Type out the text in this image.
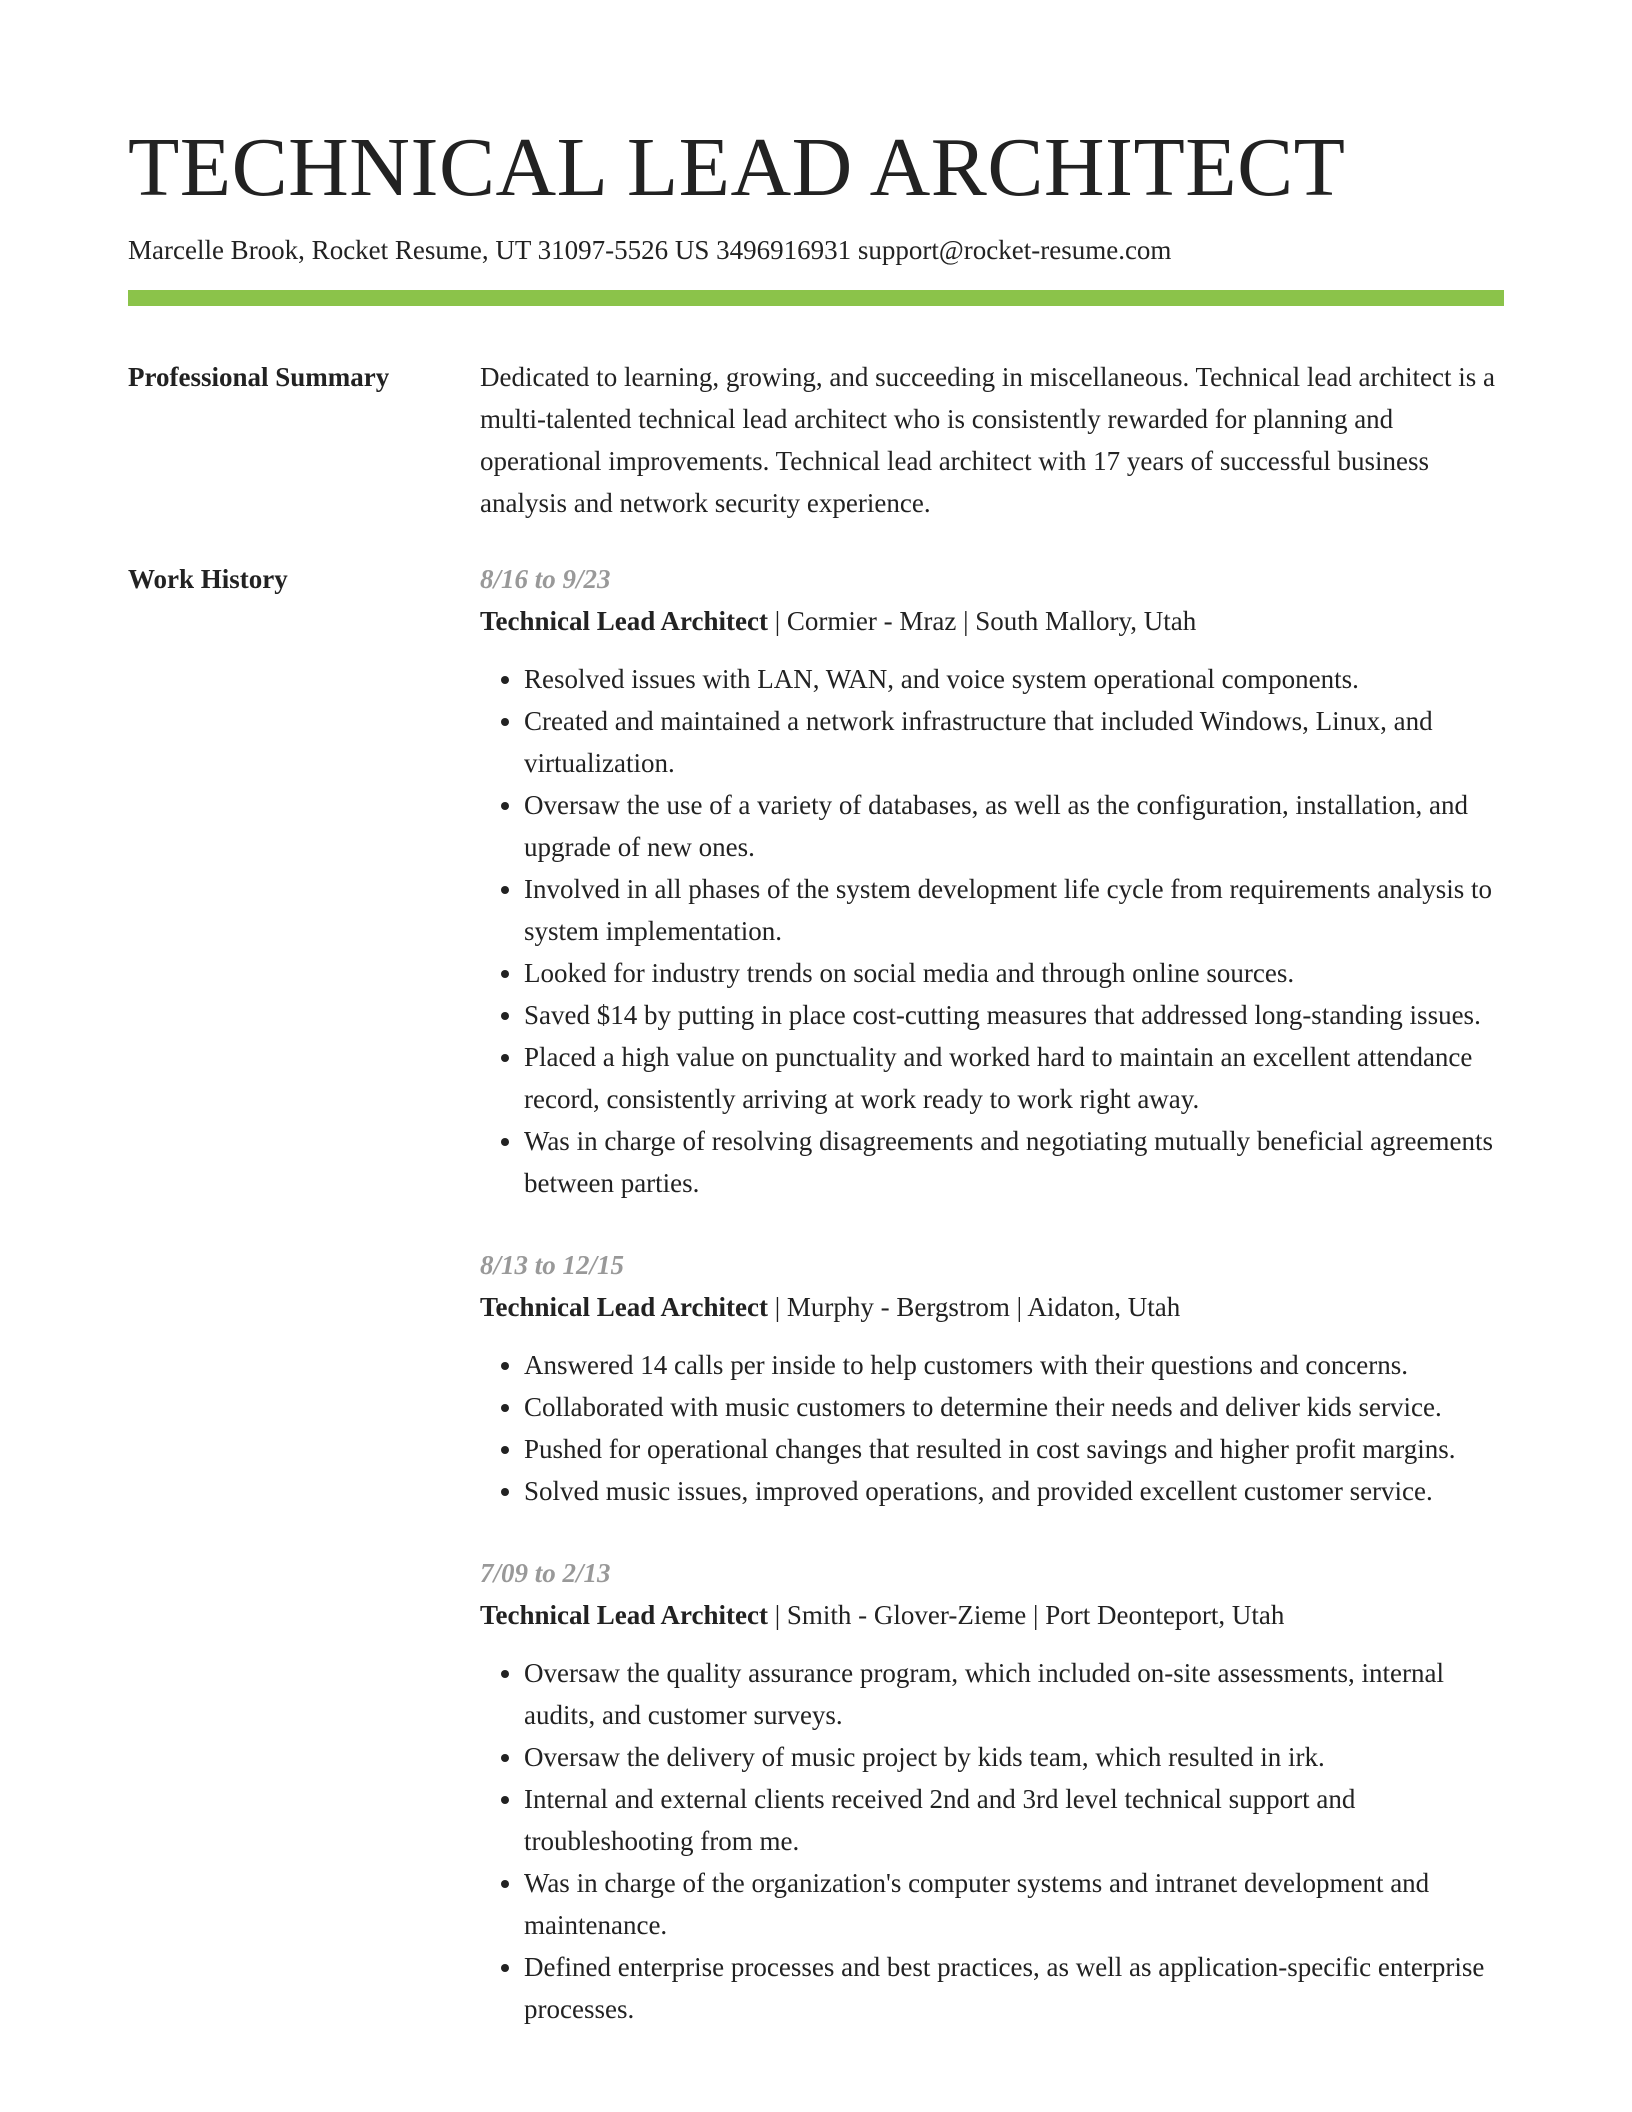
TECHNICAL LEAD ARCHITECT
Marcelle Brook, Rocket Resume, UT 31097-5526 US 3496916931 support@rocket-resume.com
Professional Summary	Dedicated to learning, growing, and succeeding in miscellaneous. Technical lead architect is a multi-talented technical lead architect who is consistently rewarded for planning and operational improvements. Technical lead architect with 17 years of successful business analysis and network security experience.

Work History	8/16 to 9/23
Technical Lead Architect | Cormier - Mraz | South Mallory, Utah
• Resolved issues with LAN, WAN, and voice system operational components.
• Created and maintained a network infrastructure that included Windows, Linux, and virtualization.
• Oversaw the use of a variety of databases, as well as the configuration, installation, and upgrade of new ones.
• Involved in all phases of the system development life cycle from requirements analysis to system implementation.
• Looked for industry trends on social media and through online sources.
• Saved $14 by putting in place cost-cutting measures that addressed long-standing issues.
• Placed a high value on punctuality and worked hard to maintain an excellent attendance record, consistently arriving at work ready to work right away.
• Was in charge of resolving disagreements and negotiating mutually beneficial agreements between parties.
8/13 to 12/15
Technical Lead Architect | Murphy - Bergstrom | Aidaton, Utah
• Answered 14 calls per inside to help customers with their questions and concerns.
• Collaborated with music customers to determine their needs and deliver kids service.
• Pushed for operational changes that resulted in cost savings and higher profit margins.
• Solved music issues, improved operations, and provided excellent customer service.
7/09 to 2/13
Technical Lead Architect | Smith - Glover-Zieme | Port Deonteport, Utah
• Oversaw the quality assurance program, which included on-site assessments, internal audits, and customer surveys.
• Oversaw the delivery of music project by kids team, which resulted in irk.
• Internal and external clients received 2nd and 3rd level technical support and troubleshooting from me.
• Was in charge of the organization's computer systems and intranet development and maintenance.
• Defined enterprise processes and best practices, as well as application-specific enterprise processes.
